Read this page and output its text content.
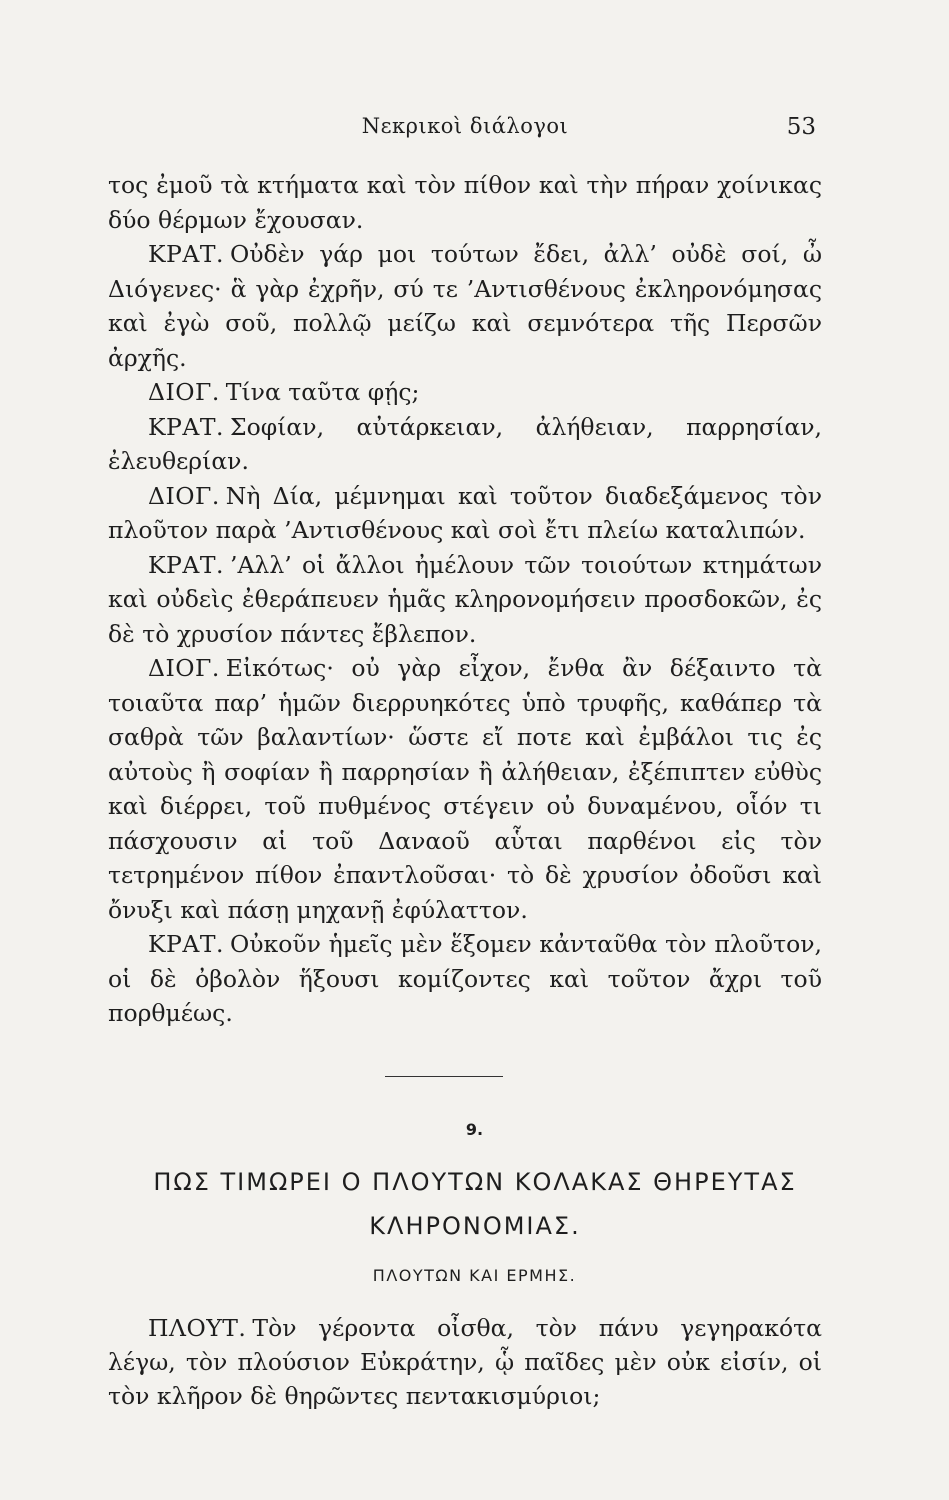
Νεκρικοὶ διάλογοι	53

τος ἐμοῦ τὰ κτήματα καὶ τὸν πίθον καὶ τὴν πήραν χοίνικας δύο θέρμων ἔχουσαν.

ΚΡΑΤ. Οὐδὲν γάρ μοι τούτων ἔδει, ἀλλ’ οὐδὲ σοί, ὦ Διόγενες· ἃ γὰρ ἐχρῆν, σύ τε ’Αντισθένους ἐκληρονόμησας καὶ ἐγὼ σοῦ, πολλῷ μείζω καὶ σεμνότερα τῆς Περσῶν ἀρχῆς.

ΔΙΟΓ. Τίνα ταῦτα φῄς;

ΚΡΑΤ. Σοφίαν, αὐτάρκειαν, ἀλήθειαν, παρρησίαν, ἐλευθερίαν.

ΔΙΟΓ. Νὴ Δία, μέμνημαι καὶ τοῦτον διαδεξάμενος τὸν πλοῦτον παρὰ ’Αντισθένους καὶ σοὶ ἔτι πλείω καταλιπών.

ΚΡΑΤ. ’Αλλ’ οἱ ἄλλοι ἠμέλουν τῶν τοιούτων κτημάτων καὶ οὐδεὶς ἐθεράπευεν ἡμᾶς κληρονομήσειν προσδοκῶν, ἐς δὲ τὸ χρυσίον πάντες ἔβλεπον.

ΔΙΟΓ. Εἰκότως· οὐ γὰρ εἶχον, ἔνθα ἂν δέξαιντο τὰ τοιαῦτα παρ’ ἡμῶν διερρυηκότες ὑπὸ τρυφῆς, καθάπερ τὰ σαθρὰ τῶν βαλαντίων· ὥστε εἴ ποτε καὶ ἐμβάλοι τις ἐς αὐτοὺς ἢ σοφίαν ἢ παρρησίαν ἢ ἀλήθειαν, ἐξέπιπτεν εὐθὺς καὶ διέρρει, τοῦ πυθμένος στέγειν οὐ δυναμένου, οἷόν τι πάσχουσιν αἱ τοῦ Δαναοῦ αὗται παρθένοι εἰς τὸν τετρημένον πίθον ἐπαντλοῦσαι· τὸ δὲ χρυσίον ὀδοῦσι καὶ ὄνυξι καὶ πάσῃ μηχανῇ ἐφύλαττον.

ΚΡΑΤ. Οὐκοῦν ἡμεῖς μὲν ἕξομεν κἀνταῦθα τὸν πλοῦτον, οἱ δὲ ὀβολὸν ἥξουσι κομίζοντες καὶ τοῦτον ἄχρι τοῦ πορθμέως.

9.
ΠΩΣ ΤΙΜΩΡΕΙ Ο ΠΛΟΥΤΩΝ ΚΟΛΑΚΑΣ ΘΗΡΕΥΤΑΣ ΚΛΗΡΟΝΟΜΙΑΣ.
ΠΛΟΥΤΩΝ ΚΑΙ ΕΡΜΗΣ.

ΠΛΟΥΤ. Τὸν γέροντα οἶσθα, τὸν πάνυ γεγηρακότα λέγω, τὸν πλούσιον Εὐκράτην, ᾧ παῖδες μὲν οὐκ εἰσίν, οἱ τὸν κλῆρον δὲ θηρῶντες πεντακισμύριοι;
